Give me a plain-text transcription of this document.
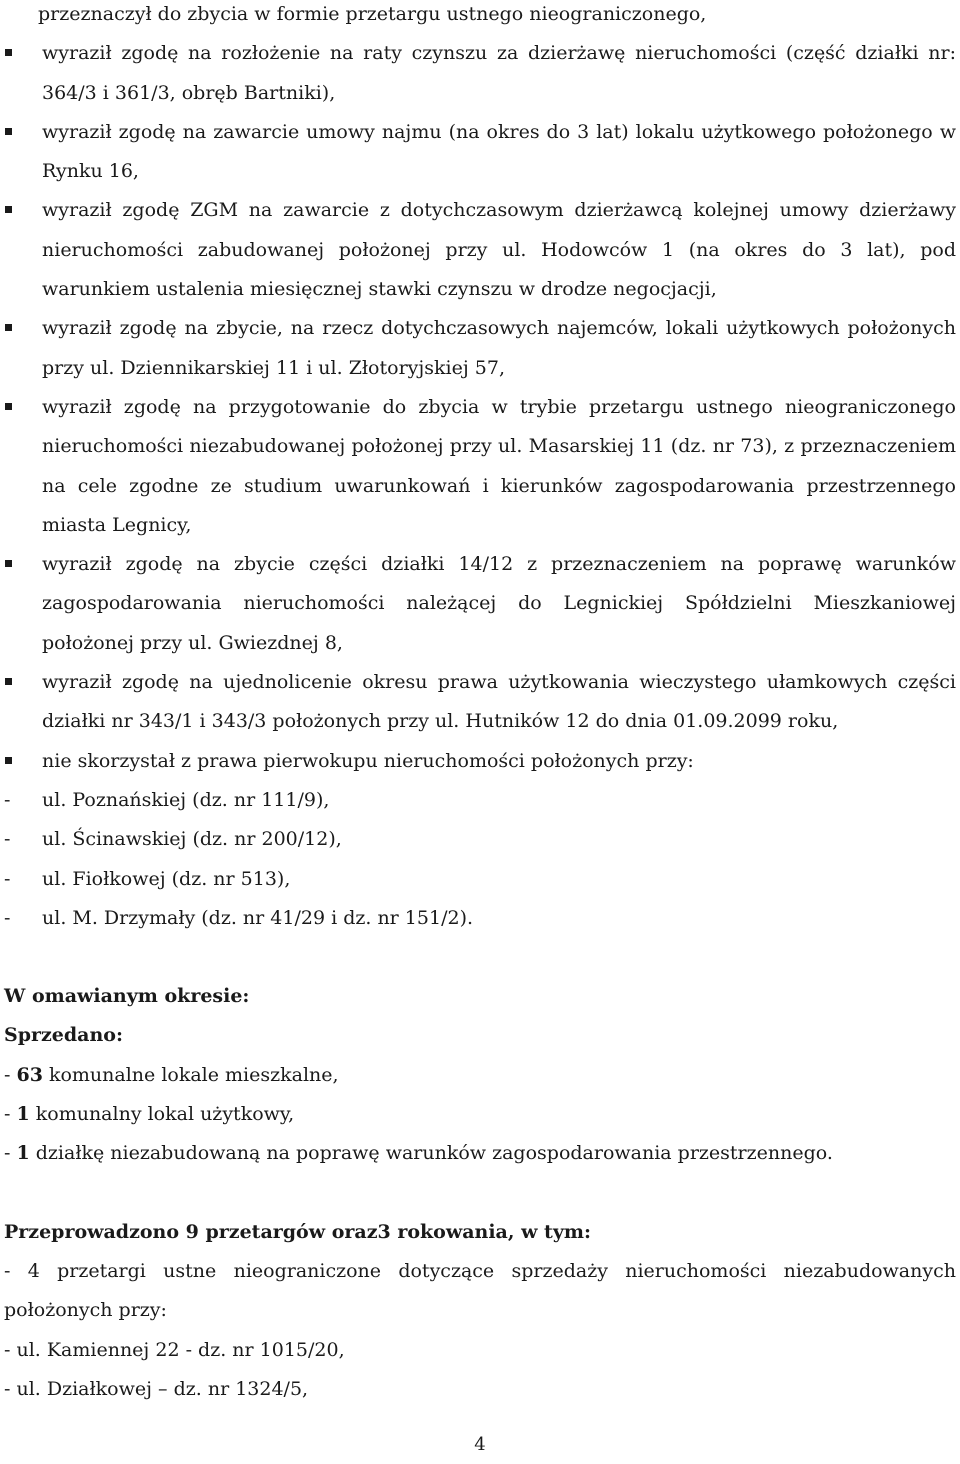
przeznaczył do zbycia w formie przetargu ustnego nieograniczonego,
wyraził zgodę na rozłożenie na raty czynszu za dzierżawę nieruchomości (część działki nr: 364/3 i 361/3, obręb Bartniki),
wyraził zgodę na zawarcie umowy najmu (na okres do 3 lat) lokalu użytkowego położonego w Rynku 16,
wyraził zgodę ZGM na zawarcie z dotychczasowym dzierżawcą kolejnej umowy dzierżawy nieruchomości zabudowanej położonej przy ul. Hodowców 1 (na okres do 3 lat), pod warunkiem ustalenia miesięcznej stawki czynszu w drodze negocjacji,
wyraził zgodę na zbycie, na rzecz dotychczasowych najemców, lokali użytkowych położonych przy ul. Dziennikarskiej 11 i ul. Złotoryjskiej 57,
wyraził zgodę na przygotowanie do zbycia w trybie przetargu ustnego nieograniczonego nieruchomości niezabudowanej położonej przy ul. Masarskiej 11 (dz. nr 73), z przeznaczeniem na cele zgodne ze studium uwarunkowań i kierunków zagospodarowania przestrzennego miasta Legnicy,
wyraził zgodę na zbycie części działki 14/12 z przeznaczeniem na poprawę warunków zagospodarowania nieruchomości należącej do Legnickiej Spółdzielni Mieszkaniowej położonej przy ul. Gwiezdnej 8,
wyraził zgodę na ujednolicenie okresu prawa użytkowania wieczystego ułamkowych części działki nr 343/1 i 343/3 położonych przy ul. Hutników 12 do dnia 01.09.2099 roku,
nie skorzystał z prawa pierwokupu nieruchomości położonych przy:
-	ul. Poznańskiej (dz. nr 111/9),
-	ul. Ścinawskiej (dz. nr 200/12),
-	ul. Fiołkowej (dz. nr 513),
-	ul. M. Drzymały (dz. nr 41/29 i dz. nr 151/2).
W omawianym okresie:
Sprzedano:
- 63 komunalne lokale mieszkalne,
- 1 komunalny lokal użytkowy,
- 1 działkę niezabudowaną na poprawę warunków zagospodarowania przestrzennego.
Przeprowadzono 9 przetargów oraz3 rokowania, w tym:
- 4 przetargi ustne nieograniczone dotyczące sprzedaży nieruchomości niezabudowanych położonych przy:
- ul. Kamiennej 22 - dz. nr 1015/20,
- ul. Działkowej – dz. nr 1324/5,
4
